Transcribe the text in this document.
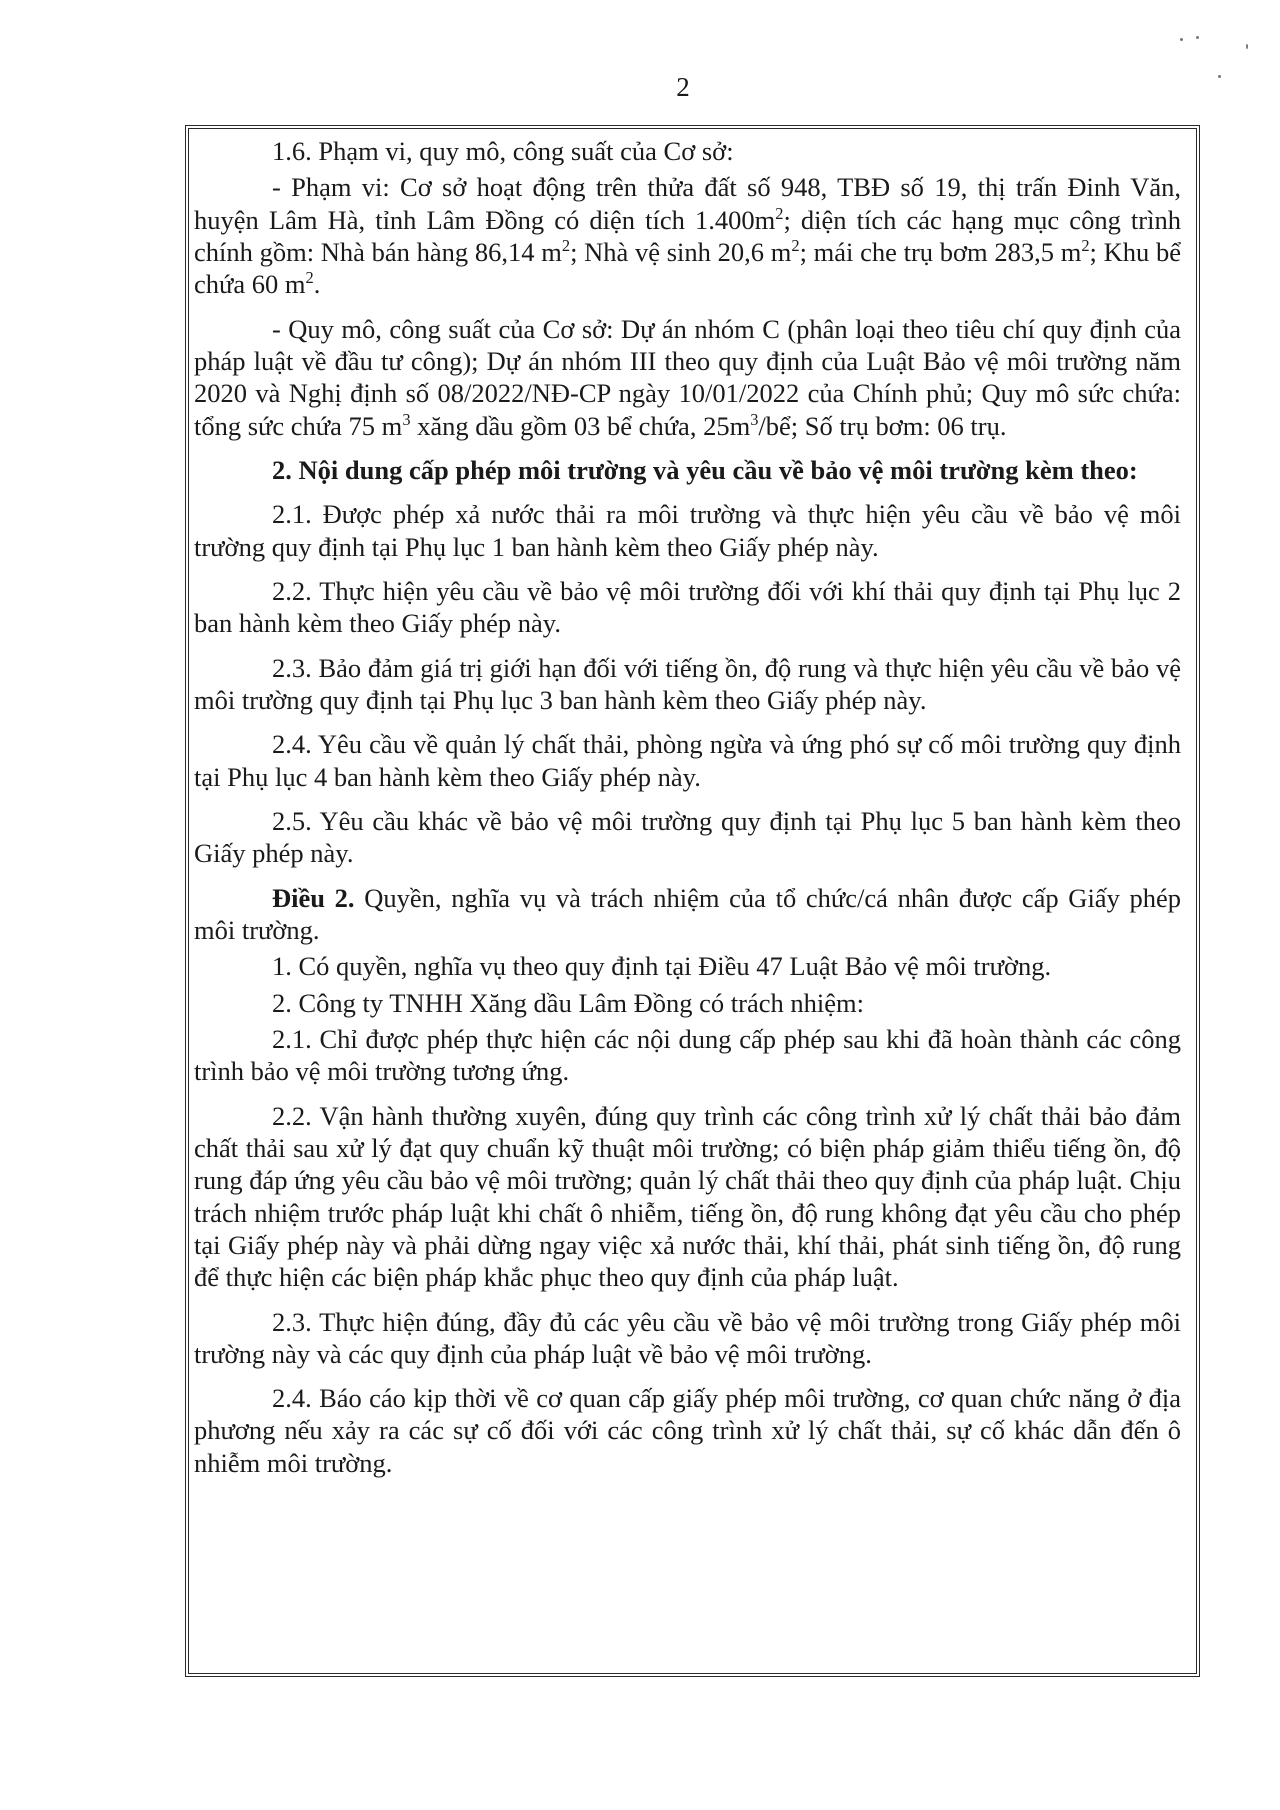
2

1.6. Phạm vi, quy mô, công suất của Cơ sở:

- Phạm vi: Cơ sở hoạt động trên thửa đất số 948, TBĐ số 19, thị trấn Đinh Văn, huyện Lâm Hà, tỉnh Lâm Đồng có diện tích $1.400m^2$; diện tích các hạng mục công trình chính gồm: Nhà bán hàng 86,14 $m^2$; Nhà vệ sinh 20,6 $m^2$; mái che trụ bơm 283,5 $m^2$; Khu bể chứa 60 $m^2$.

- Quy mô, công suất của Cơ sở: Dự án nhóm C (phân loại theo tiêu chí quy định của pháp luật về đầu tư công); Dự án nhóm III theo quy định của Luật Bảo vệ môi trường năm 2020 và Nghị định số 08/2022/NĐ-CP ngày 10/01/2022 của Chính phủ; Quy mô sức chứa: tổng sức chứa 75 $m^3$ xăng dầu gồm 03 bể chứa, $25m^3/bể$; Số trụ bơm: 06 trụ.

2. Nội dung cấp phép môi trường và yêu cầu về bảo vệ môi trường kèm theo:

2.1. Được phép xả nước thải ra môi trường và thực hiện yêu cầu về bảo vệ môi trường quy định tại Phụ lục 1 ban hành kèm theo Giấy phép này.

2.2. Thực hiện yêu cầu về bảo vệ môi trường đối với khí thải quy định tại Phụ lục 2 ban hành kèm theo Giấy phép này.

2.3. Bảo đảm giá trị giới hạn đối với tiếng ồn, độ rung và thực hiện yêu cầu về bảo vệ môi trường quy định tại Phụ lục 3 ban hành kèm theo Giấy phép này.

2.4. Yêu cầu về quản lý chất thải, phòng ngừa và ứng phó sự cố môi trường quy định tại Phụ lục 4 ban hành kèm theo Giấy phép này.

2.5. Yêu cầu khác về bảo vệ môi trường quy định tại Phụ lục 5 ban hành kèm theo Giấy phép này.

Điều 2. Quyền, nghĩa vụ và trách nhiệm của tổ chức/cá nhân được cấp Giấy phép môi trường.

1. Có quyền, nghĩa vụ theo quy định tại Điều 47 Luật Bảo vệ môi trường.

2. Công ty TNHH Xăng dầu Lâm Đồng có trách nhiệm:

2.1. Chỉ được phép thực hiện các nội dung cấp phép sau khi đã hoàn thành các công trình bảo vệ môi trường tương ứng.

2.2. Vận hành thường xuyên, đúng quy trình các công trình xử lý chất thải bảo đảm chất thải sau xử lý đạt quy chuẩn kỹ thuật môi trường; có biện pháp giảm thiểu tiếng ồn, độ rung đáp ứng yêu cầu bảo vệ môi trường; quản lý chất thải theo quy định của pháp luật. Chịu trách nhiệm trước pháp luật khi chất ô nhiễm, tiếng ồn, độ rung không đạt yêu cầu cho phép tại Giấy phép này và phải dừng ngay việc xả nước thải, khí thải, phát sinh tiếng ồn, độ rung để thực hiện các biện pháp khắc phục theo quy định của pháp luật.

2.3. Thực hiện đúng, đầy đủ các yêu cầu về bảo vệ môi trường trong Giấy phép môi trường này và các quy định của pháp luật về bảo vệ môi trường.

2.4. Báo cáo kịp thời về cơ quan cấp giấy phép môi trường, cơ quan chức năng ở địa phương nếu xảy ra các sự cố đối với các công trình xử lý chất thải, sự cố khác dẫn đến ô nhiễm môi trường.
